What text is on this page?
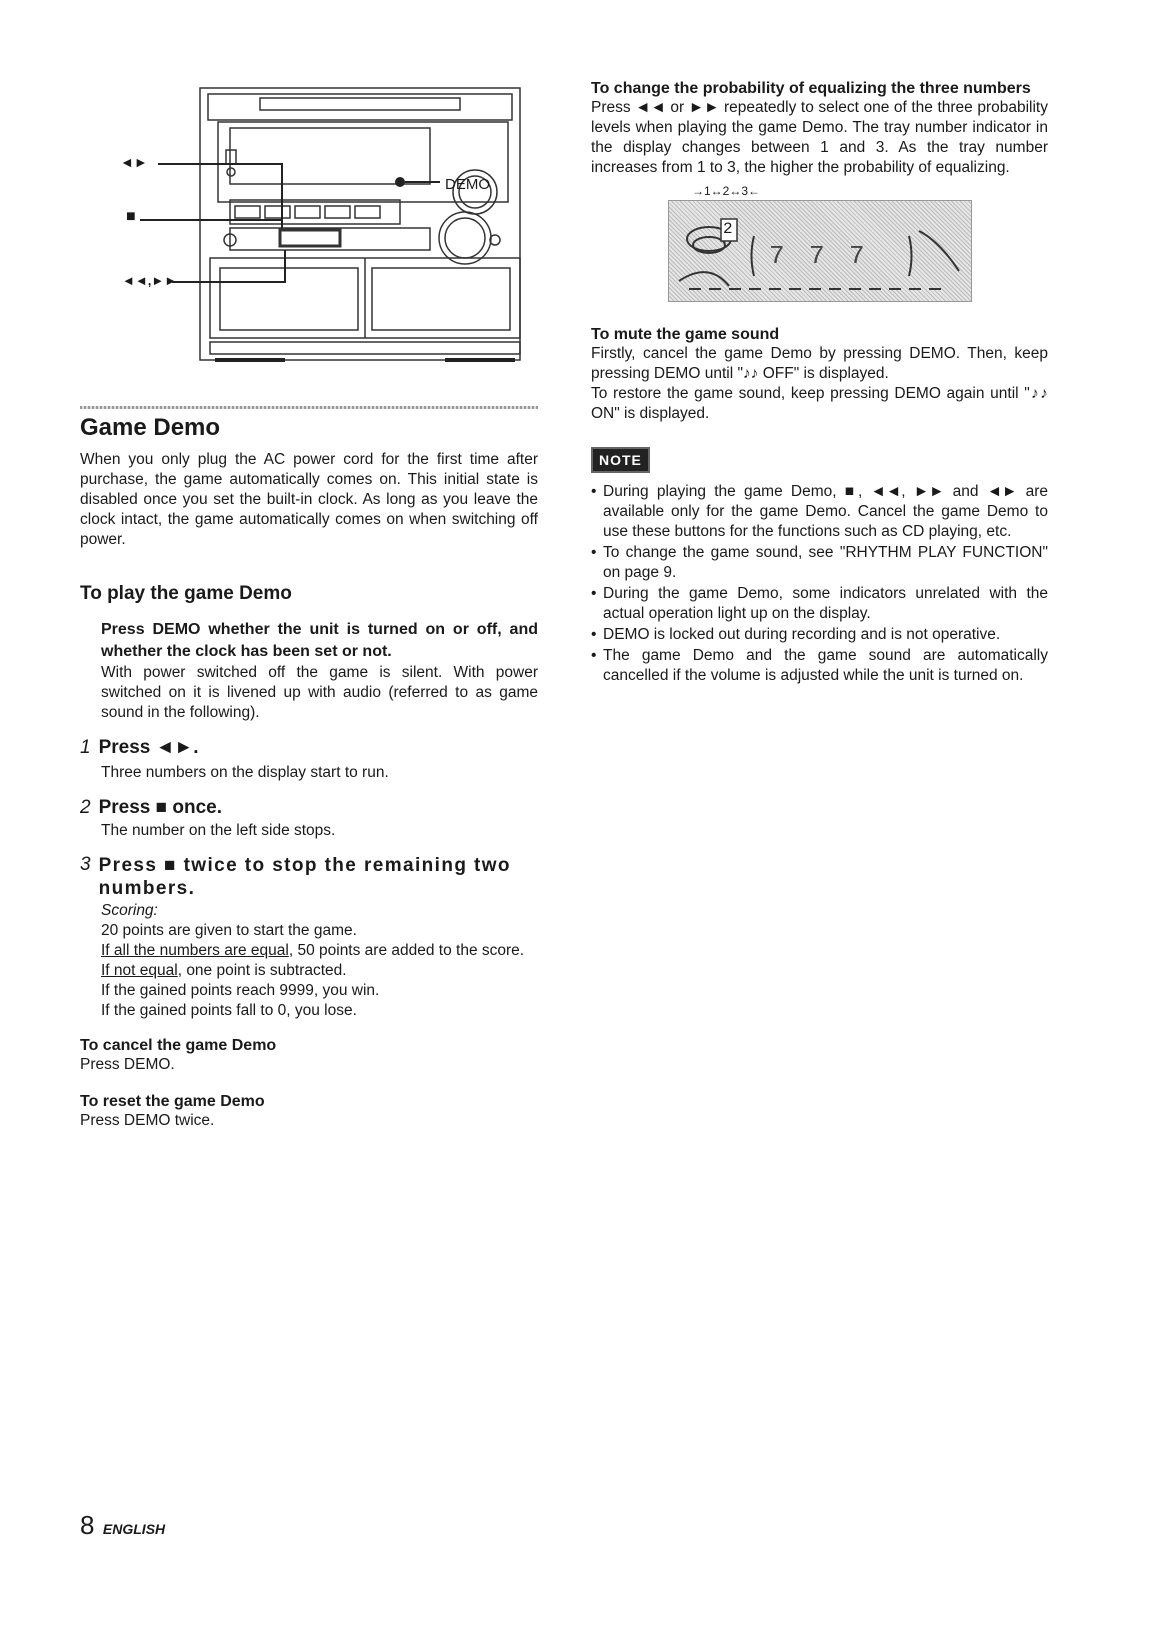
◄►
■
◄◄,►►
DEMO

Game Demo

When you only plug the AC power cord for the first time after purchase, the game automatically comes on. This initial state is disabled once you set the built-in clock. As long as you leave the clock intact, the game automatically comes on when switching off power.

To play the game Demo

Press DEMO whether the unit is turned on or off, and whether the clock has been set or not.

With power switched off the game is silent. With power switched on it is livened up with audio (referred to as game sound in the following).

1 Press ◄►.

Three numbers on the display start to run.

2 Press ■ once.

The number on the left side stops.

3 Press ■ twice to stop the remaining two numbers.

Scoring:

20 points are given to start the game.

If all the numbers are equal, 50 points are added to the score.

If not equal, one point is subtracted.

If the gained points reach 9999, you win.

If the gained points fall to 0, you lose.

To cancel the game Demo

Press DEMO.

To reset the game Demo

Press DEMO twice.

To change the probability of equalizing the three numbers

Press ◄◄ or ►► repeatedly to select one of the three probability levels when playing the game Demo. The tray number indicator in the display changes between 1 and 3. As the tray number increases from 1 to 3, the higher the probability of equalizing.

→1↔2↔3←
7 7 7
2

To mute the game sound

Firstly, cancel the game Demo by pressing DEMO. Then, keep pressing DEMO until "♪♪ OFF" is displayed.

To restore the game sound, keep pressing DEMO again until "♪♪ ON" is displayed.

NOTE
• During playing the game Demo, ■, ◄◄, ►► and ◄► are available only for the game Demo. Cancel the game Demo to use these buttons for the functions such as CD playing, etc.
• To change the game sound, see "RHYTHM PLAY FUNCTION" on page 9.
• During the game Demo, some indicators unrelated with the actual operation light up on the display.
• DEMO is locked out during recording and is not operative.
• The game Demo and the game sound are automatically cancelled if the volume is adjusted while the unit is turned on.
8 ENGLISH
